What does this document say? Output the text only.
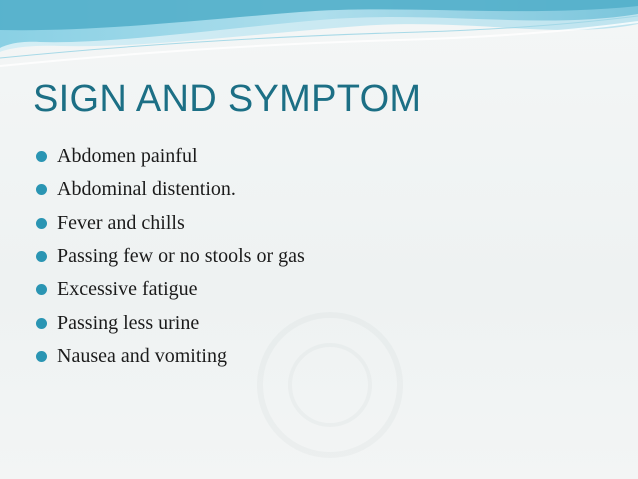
SIGN AND SYMPTOM
Abdomen painful
Abdominal distention.
Fever and chills
Passing few or no stools or gas
Excessive fatigue
Passing less urine
Nausea and vomiting
